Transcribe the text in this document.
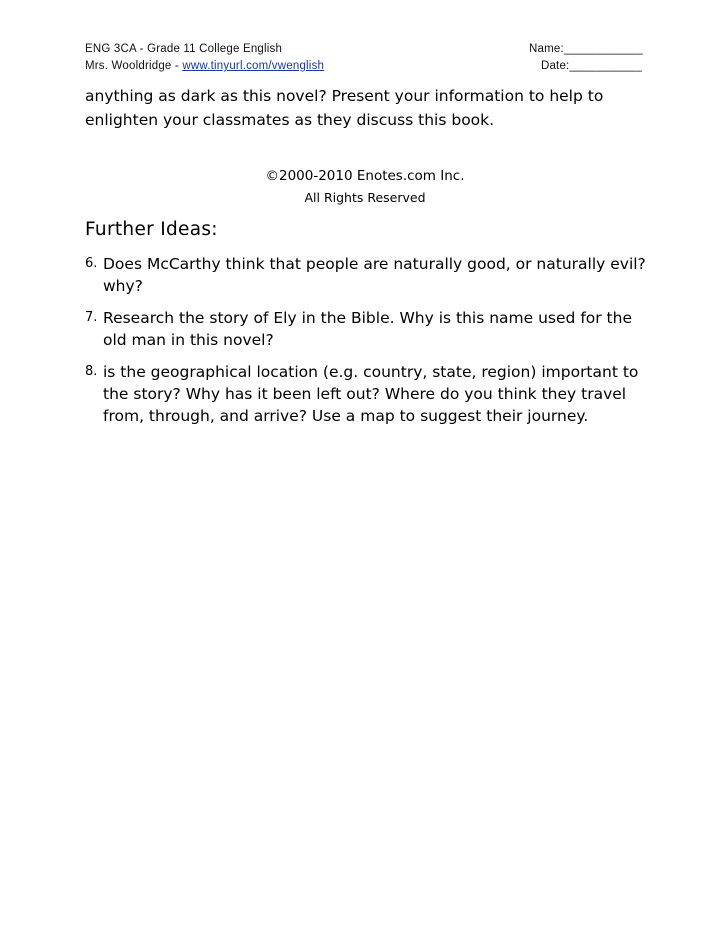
ENG 3CA - Grade 11 College English	Name:____________
Mrs. Wooldridge - www.tinyurl.com/vwenglish	Date:___________

anything as dark as this novel? Present your information to help to enlighten your classmates as they discuss this book.

©2000-2010 Enotes.com Inc.
All Rights Reserved
Further Ideas:
6. Does McCarthy think that people are naturally good, or naturally evil? why?
7. Research the story of Ely in the Bible. Why is this name used for the old man in this novel?
8. is the geographical location (e.g. country, state, region) important to the story? Why has it been left out? Where do you think they travel from, through, and arrive? Use a map to suggest their journey.
